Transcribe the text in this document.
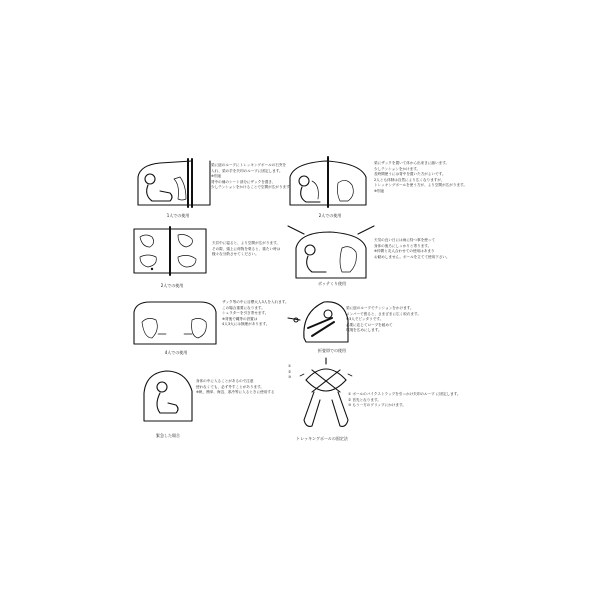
1人での使用
梁に紐のループにトレッキングポールの石突を
入れ、梁の手を矢印のループに固定します。
※別途
背中の補のシート部分にザックを置き、
少しテンションをかけることで空間が広がります。
2人での使用
梁にザックを置いて体から出来きに縮います。
少しテンションをかけます。
長時間使うには背中を置いた方がよいです。
2人とも体制は自然により広くなりますが、
トレッキングポールを使う方が、より空間が広がります。
※別途
2人での使用
天井中に寝ると、より空間が広がります。
その際、頭上に荷物を乗ると、重たい時は
様々な分散させてください。
ボッテくり使用
天気の良い日には雨に待つ事を使って
身体の後ろにしっかりと寄ります。
※仲間と友人合わせての使用はあまり
お勧めしません。ポールを立てて使用下さい。
4人での使用
ザック等の中に目標大人3人を入れます。
この場合重要になります。
シュラターを引き寄せます。
※背後で縄等の設置は
4人3大には無理があります。
折畳帯での使用
梁に紐のループでテンションをかけます。
メンバーで張ると、さまざまに広く取れます。
※3人でピッタリです。
必要に応じてロープを緩めて
環境を広めにします。
緊急した場合
身体の中に入ることがあるので注意
使わなくても、必ず外すことがあります。
※帆、簡単、海辺、寒冷等に入るときに使用する
①
②
③
トレッキングポールの固定法
① ポールのバイクストラップを引っかけ矢印のループ に固定します。
② 首先となります。
③ もう一方のグリップにかけます。
